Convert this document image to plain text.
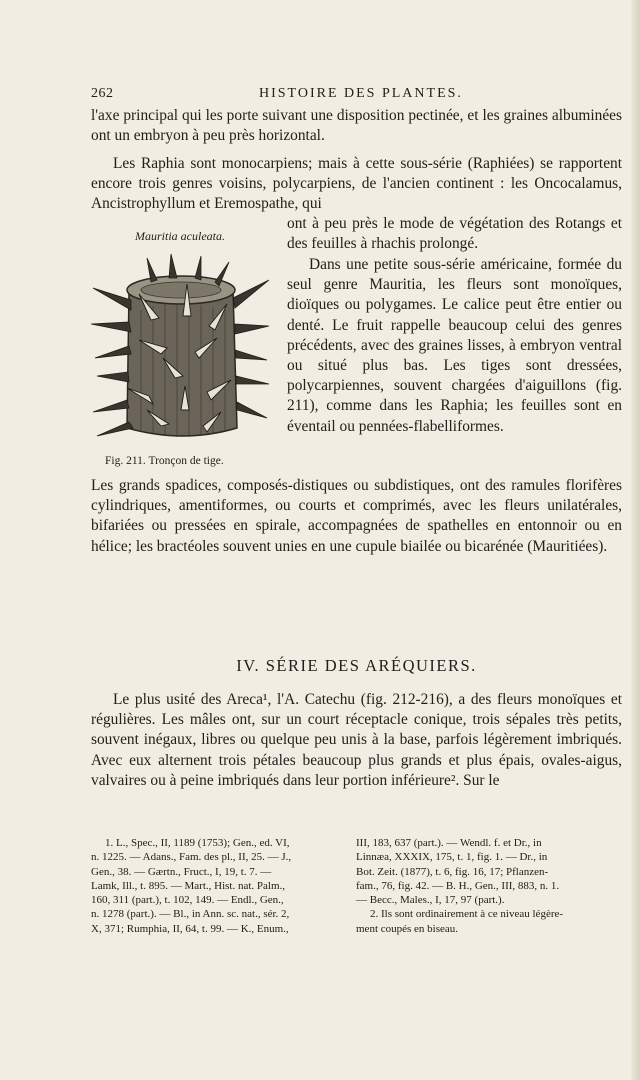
262	HISTOIRE DES PLANTES.

l'axe principal qui les porte suivant une disposition pectinée, et les graines albuminées ont un embryon à peu près horizontal.

Les Raphia sont monocarpiens; mais à cette sous-série (Raphiées) se rapportent encore trois genres voisins, polycarpiens, de l'ancien continent : les Oncocalamus, Ancistrophyllum et Eremospathe, qui

ont à peu près le mode de végétation des Rotangs et des feuilles à rhachis prolongé.

Mauritia aculeata.

Dans une petite sous-série américaine, formée du seul genre Mauritia, les fleurs sont monoïques, dioïques ou polygames. Le calice peut être entier ou denté. Le fruit rappelle beaucoup celui des genres précédents, avec des graines lisses, à embryon ventral ou situé plus bas. Les tiges sont dressées, polycarpiennes, souvent chargées d'aiguillons (fig. 211), comme dans les Raphia; les feuilles sont en éventail ou pennées-flabelliformes.

Fig. 211. Tronçon de tige.

Les grands spadices, composés-distiques ou subdistiques, ont des ramules florifères cylindriques, amentiformes, ou courts et comprimés, avec les fleurs unilatérales, bifariées ou pressées en spirale, accompagnées de spathelles en entonnoir ou en hélice; les bractéoles souvent unies en une cupule biailée ou bicarénée (Mauritiées).

IV. SÉRIE DES ARÉQUIERS.

Le plus usité des Areca¹, l'A. Catechu (fig. 212-216), a des fleurs monoïques et régulières. Les mâles ont, sur un court réceptacle conique, trois sépales très petits, souvent inégaux, libres ou quelque peu unis à la base, parfois légèrement imbriqués. Avec eux alternent trois pétales beaucoup plus grands et plus épais, ovales-aigus, valvaires ou à peine imbriqués dans leur portion inférieure². Sur le

1. L., Spec., II, 1189 (1753); Gen., ed. VI,
n. 1225. — Adans., Fam. des pl., II, 25. — J.,
Gen., 38. — Gærtn., Fruct., I, 19, t. 7. —
Lamk, Ill., t. 895. — Mart., Hist. nat. Palm.,
160, 311 (part.), t. 102, 149. — Endl., Gen.,
n. 1278 (part.). — Bl., in Ann. sc. nat., sér. 2,
X, 371; Rumphia, II, 64, t. 99. — K., Enum.,
III, 183, 637 (part.). — Wendl. f. et Dr., in
Linnæa, XXXIX, 175, t. 1, fig. 1. — Dr., in
Bot. Zeit. (1877), t. 6, fig. 16, 17; Pflanzen-
fam., 76, fig. 42. — B. H., Gen., III, 883, n. 1.
— Becc., Males., I, 17, 97 (part.).
2. Ils sont ordinairement à ce niveau légère-
ment coupés en biseau.
